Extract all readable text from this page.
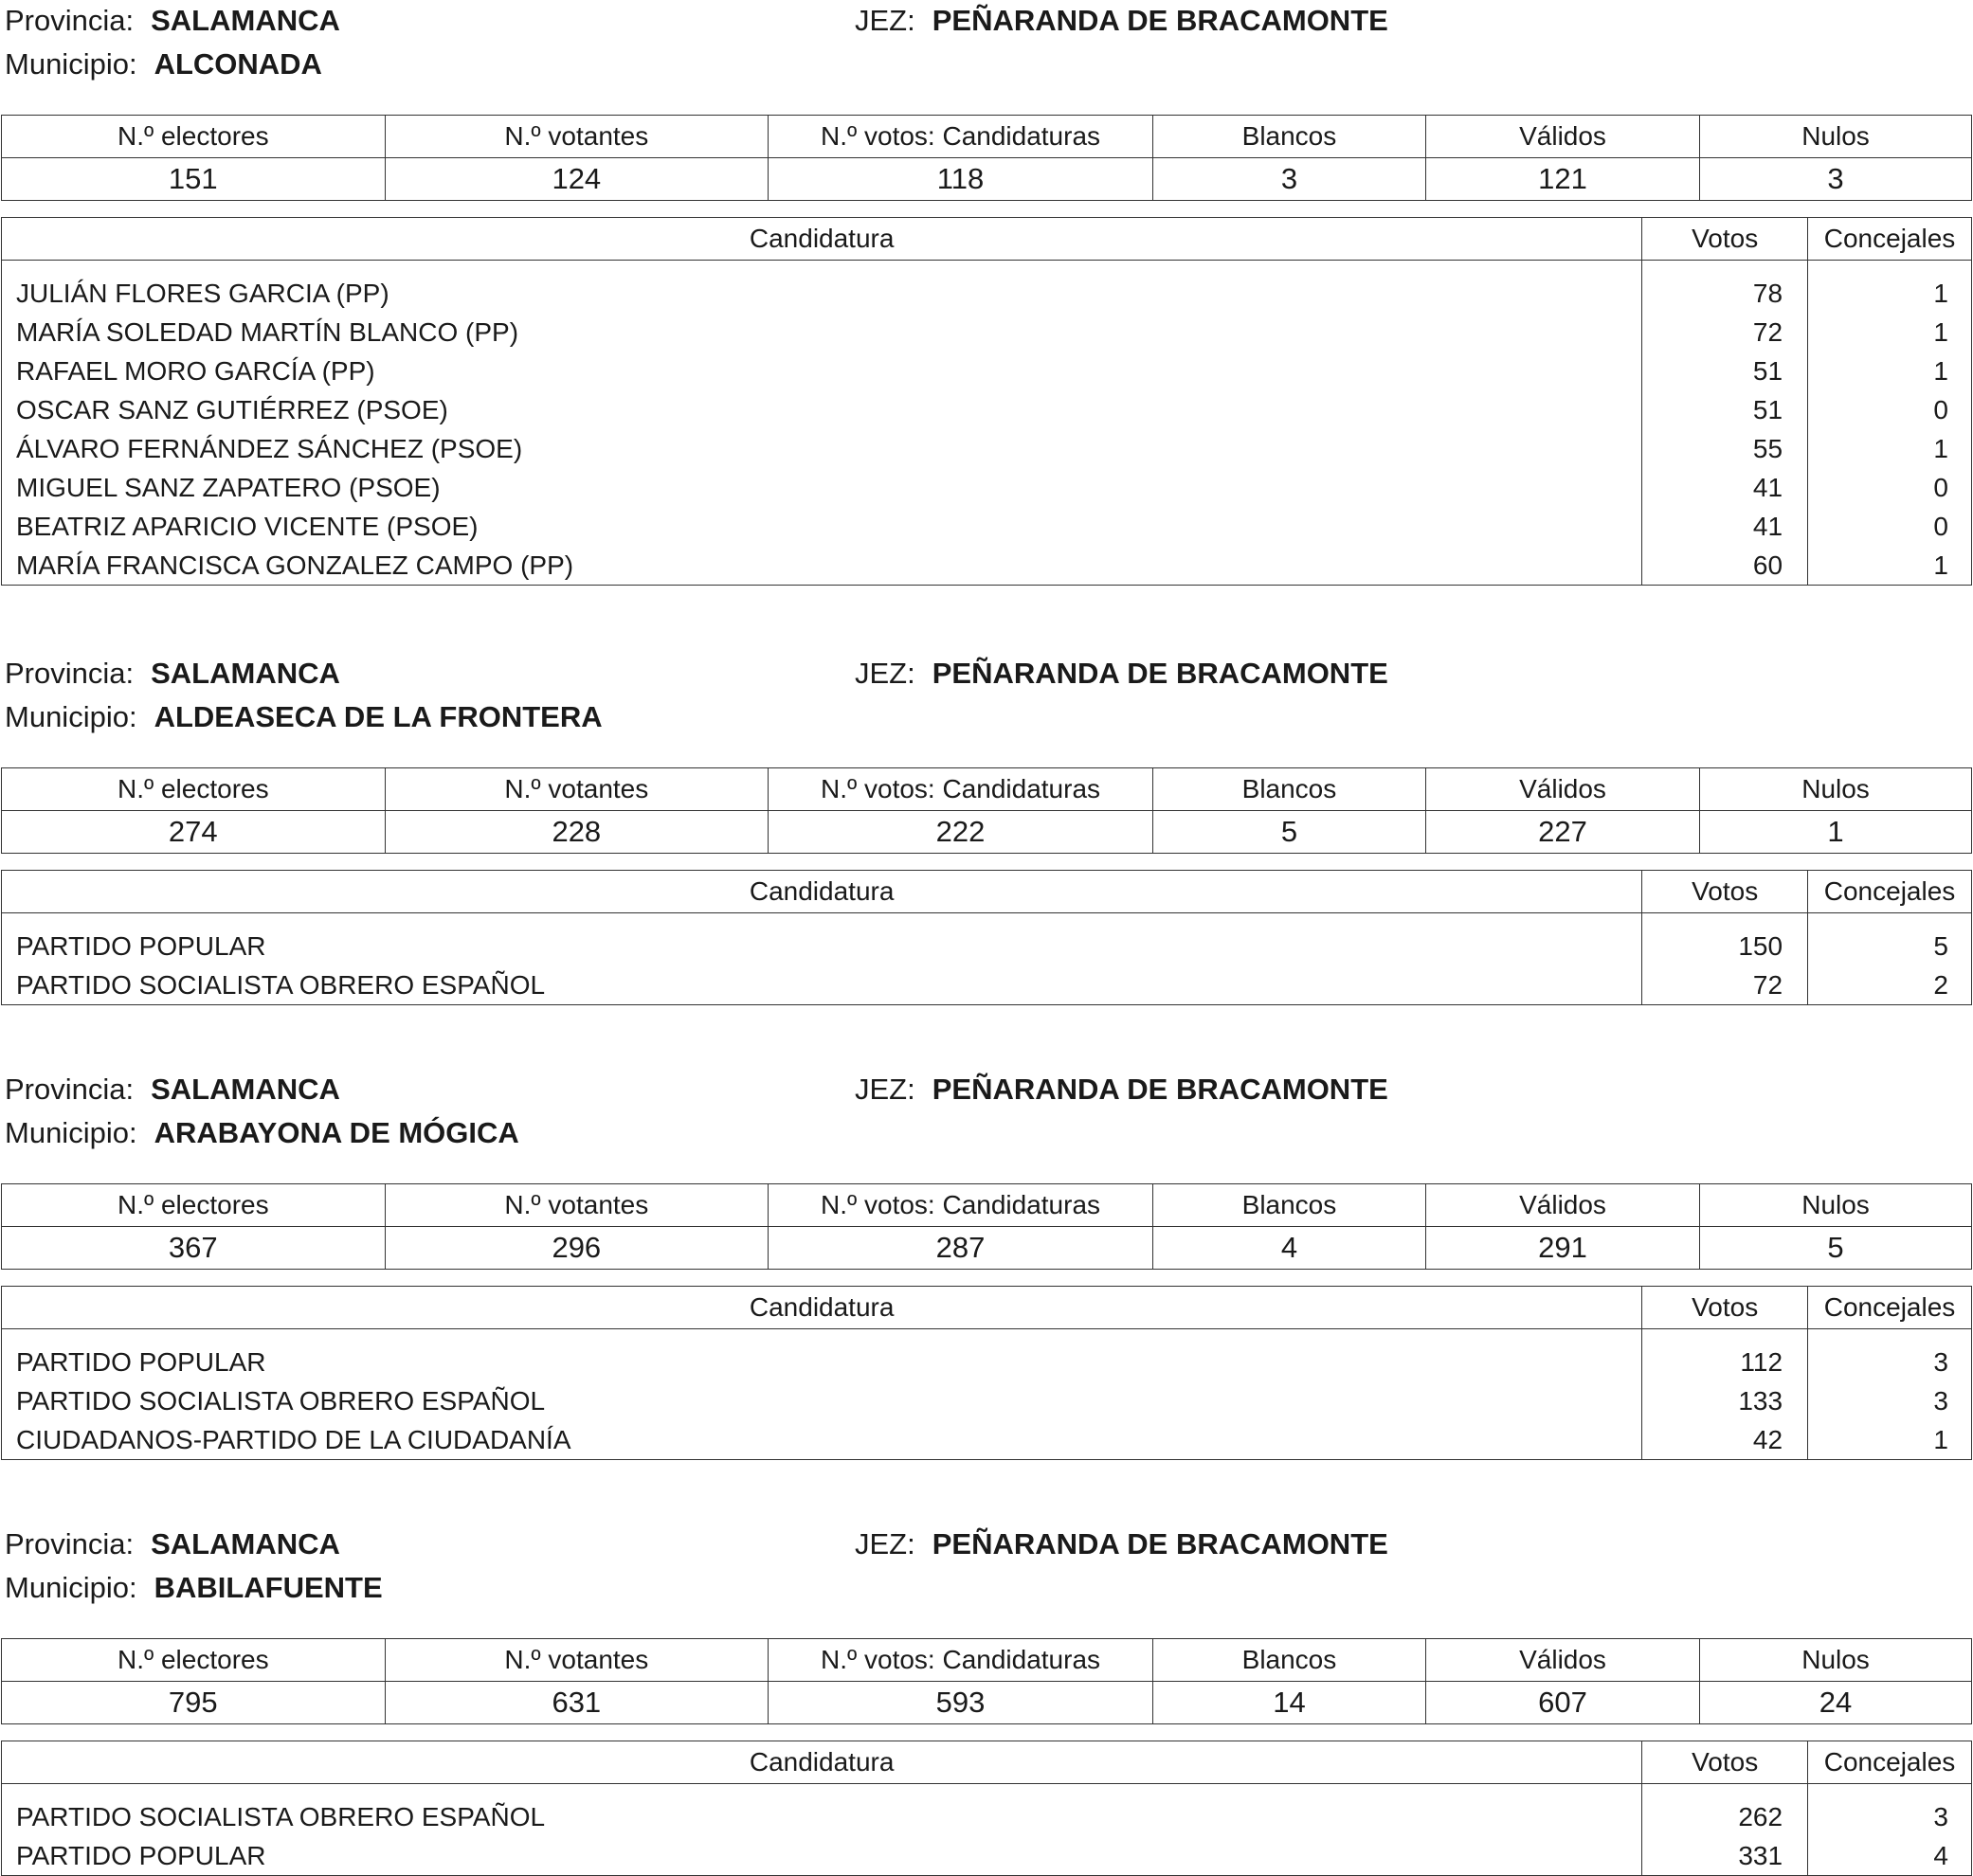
Provincia: SALAMANCA	JEZ: PEÑARANDA DE BRACAMONTE
Municipio: ALCONADA
N.º electores	N.º votantes	N.º votos: Candidaturas	Blancos	Válidos	Nulos
151	124	118	3	121	3
Candidatura	Votos	Concejales
JULIÁN FLORES GARCIA (PP)	78	1
MARÍA SOLEDAD MARTÍN BLANCO (PP)	72	1
RAFAEL MORO GARCÍA (PP)	51	1
OSCAR SANZ GUTIÉRREZ (PSOE)	51	0
ÁLVARO FERNÁNDEZ SÁNCHEZ (PSOE)	55	1
MIGUEL SANZ ZAPATERO (PSOE)	41	0
BEATRIZ APARICIO VICENTE (PSOE)	41	0
MARÍA FRANCISCA GONZALEZ CAMPO (PP)	60	1
Provincia: SALAMANCA	JEZ: PEÑARANDA DE BRACAMONTE
Municipio: ALDEASECA DE LA FRONTERA
N.º electores	N.º votantes	N.º votos: Candidaturas	Blancos	Válidos	Nulos
274	228	222	5	227	1
Candidatura	Votos	Concejales
PARTIDO POPULAR	150	5
PARTIDO SOCIALISTA OBRERO ESPAÑOL	72	2
Provincia: SALAMANCA	JEZ: PEÑARANDA DE BRACAMONTE
Municipio: ARABAYONA DE MÓGICA
N.º electores	N.º votantes	N.º votos: Candidaturas	Blancos	Válidos	Nulos
367	296	287	4	291	5
Candidatura	Votos	Concejales
PARTIDO POPULAR	112	3
PARTIDO SOCIALISTA OBRERO ESPAÑOL	133	3
CIUDADANOS-PARTIDO DE LA CIUDADANÍA	42	1
Provincia: SALAMANCA	JEZ: PEÑARANDA DE BRACAMONTE
Municipio: BABILAFUENTE
N.º electores	N.º votantes	N.º votos: Candidaturas	Blancos	Válidos	Nulos
795	631	593	14	607	24
Candidatura	Votos	Concejales
PARTIDO SOCIALISTA OBRERO ESPAÑOL	262	3
PARTIDO POPULAR	331	4
